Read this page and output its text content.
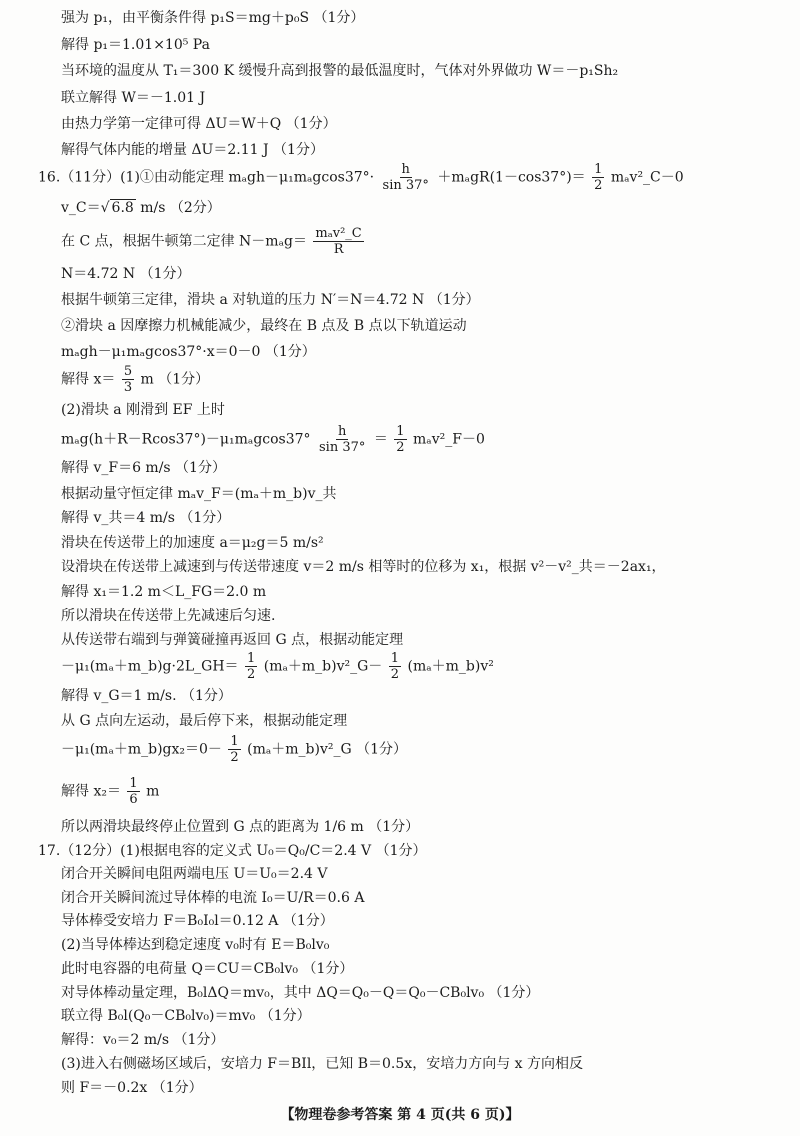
强为 p₁，由平衡条件得 p₁S＝mg＋p₀S （1分）
解得 p₁＝1.01×10⁵ Pa
当环境的温度从 T₁＝300 K 缓慢升高到报警的最低温度时，气体对外界做功 W＝－p₁Sh₂
联立解得 W＝－1.01 J
由热力学第一定律可得 ΔU＝W＋Q （1分）
解得气体内能的增量 ΔU＝2.11 J （1分）
16.（11分）(1)①由动能定理 $m_agh-\mu_1m_agcos37^\circ\cdot \frac{h}{\sin 37^\circ} +m_agR(1-\cos 37^\circ)= \frac{1}{2}$ mₐv²_C－0
v_C＝√ 6.8 m/s （2分）
在 C 点，根据牛顿第二定律 $N-m_ag= \frac{\text{mₐv²\_C}}{R}$
N＝4.72 N （1分）
根据牛顿第三定律，滑块 a 对轨道的压力 N′＝N＝4.72 N （1分）
②滑块 a 因摩擦力机械能减少，最终在 B 点及 B 点以下轨道运动
mₐgh－μ₁mₐgcos37°·x＝0－0 （1分）
解得 $x= \frac{5}{3}$ m （1分）
(2)滑块 a 刚滑到 EF 上时
$m_ag(h+R-Rcos37^\circ)-\mu_1m_agcos37^\circ \frac{h}{\sin 37^\circ} = \frac{1}{2}$ mₐv²_F－0
解得 v_F＝6 m/s （1分）
根据动量守恒定律 mₐv_F＝(mₐ＋m_b)v_共
解得 v_共＝4 m/s （1分）
滑块在传送带上的加速度 a＝μ₂g＝5 m/s²
设滑块在传送带上减速到与传送带速度 v＝2 m/s 相等时的位移为 x₁，根据 v²－v²_共＝－2ax₁，
解得 x₁＝1.2 m＜L_FG＝2.0 m
所以滑块在传送带上先减速后匀速.
从传送带右端到与弹簧碰撞再返回 G 点，根据动能定理
－μ₁(mₐ＋m_b)g·2L_GH＝ $\frac{1}{2}$ (mₐ＋m_b)v²_G－ $\frac{1}{2}$ (mₐ＋m_b)v²
解得 v_G＝1 m/s. （1分）
从 G 点向左运动，最后停下来，根据动能定理
－μ₁(mₐ＋m_b)gx₂＝0－ $\frac{1}{2}$ (mₐ＋m_b)v²_G （1分）
解得 $x_2= \frac{1}{6}$ m
所以两滑块最终停止位置到 G 点的距离为 1/6 m （1分）
17.（12分）(1)根据电容的定义式 U₀＝Q₀/C＝2.4 V （1分）
闭合开关瞬间电阻两端电压 U＝U₀＝2.4 V
闭合开关瞬间流过导体棒的电流 I₀＝U/R＝0.6 A
导体棒受安培力 F＝B₀I₀l＝0.12 A （1分）
(2)当导体棒达到稳定速度 v₀时有 E＝B₀lv₀
此时电容器的电荷量 Q＝CU＝CB₀lv₀ （1分）
对导体棒动量定理，B₀lΔQ＝mv₀，其中 ΔQ＝Q₀－Q＝Q₀－CB₀lv₀ （1分）
联立得 B₀l(Q₀－CB₀lv₀)＝mv₀ （1分）
解得：v₀＝2 m/s （1分）
(3)进入右侧磁场区域后，安培力 F＝BIl，已知 B＝0.5x，安培力方向与 x 方向相反
则 F＝－0.2x （1分）
【物理卷参考答案 第 4 页(共 6 页)】
